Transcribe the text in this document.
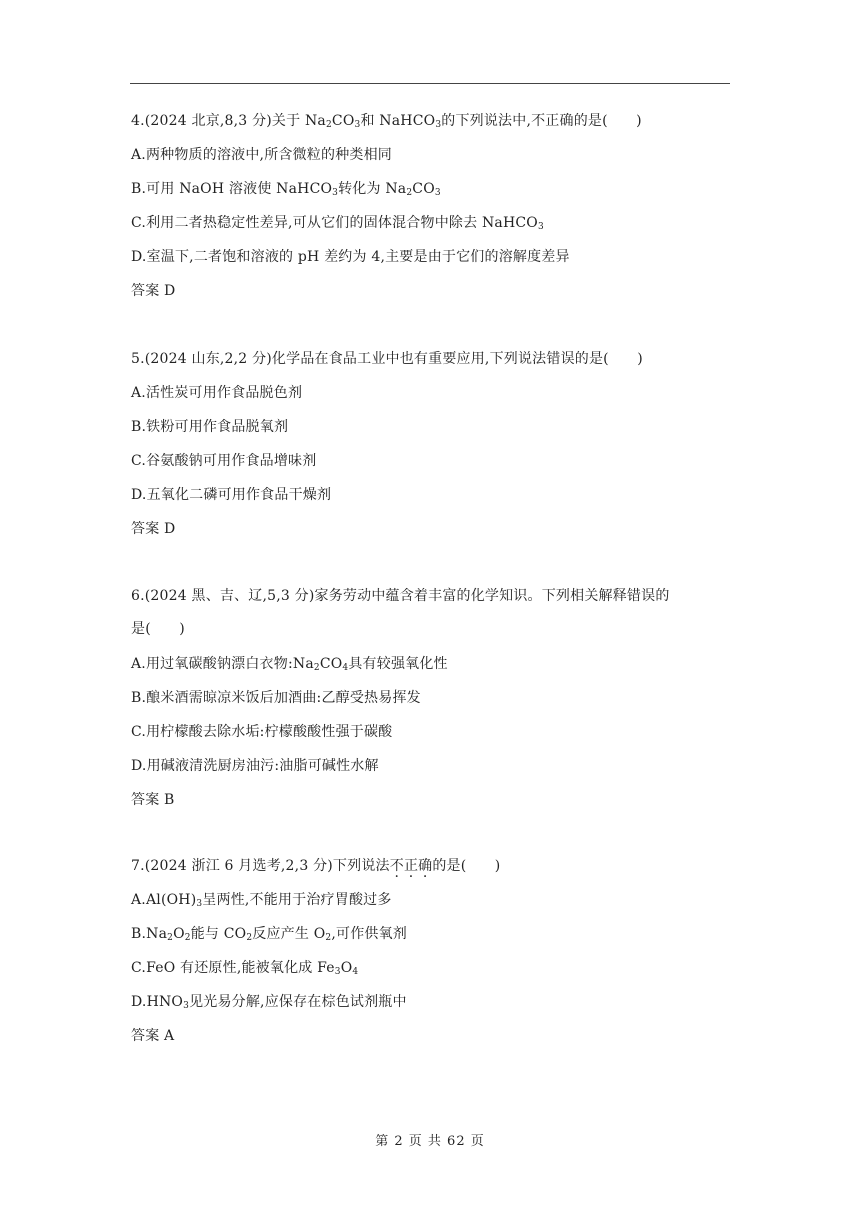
4.(2024 北京,8,3 分)关于 $Na_2CO_3$和 NaHCO$_3$的下列说法中,不正确的是(　　)
A.两种物质的溶液中,所含微粒的种类相同
B.可用 NaOH 溶液使 NaHCO$_3$转化为 $Na_2CO_3$
C.利用二者热稳定性差异,可从它们的固体混合物中除去 NaHCO$_3$
D.室温下,二者饱和溶液的 pH 差约为 4,主要是由于它们的溶解度差异
答案 D
5.(2024 山东,2,2 分)化学品在食品工业中也有重要应用,下列说法错误的是(　　)
A.活性炭可用作食品脱色剂
B.铁粉可用作食品脱氧剂
C.谷氨酸钠可用作食品增味剂
D.五氧化二磷可用作食品干燥剂
答案 D
6.(2024 黑、吉、辽,5,3 分)家务劳动中蕴含着丰富的化学知识。下列相关解释错误的
是(　　)
A.用过氧碳酸钠漂白衣物$:Na_2CO_4$具有较强氧化性
B.酿米酒需晾凉米饭后加酒曲:乙醇受热易挥发
C.用柠檬酸去除水垢:柠檬酸酸性强于碳酸
D.用碱液清洗厨房油污:油脂可碱性水解
答案 B
7.(2024 浙江 6 月选考,2,3 分)下列说法不正确的是(　　)
$A.Al(OH)_3$呈两性,不能用于治疗胃酸过多
$B.Na_2O_2$能与 $CO_2$反应产生 $O_2$,可作供氧剂
C.FeO 有还原性,能被氧化成 $Fe_3O_4$
$D.HNO_3$见光易分解,应保存在棕色试剂瓶中
答案 A
第 2 页 共 62 页
